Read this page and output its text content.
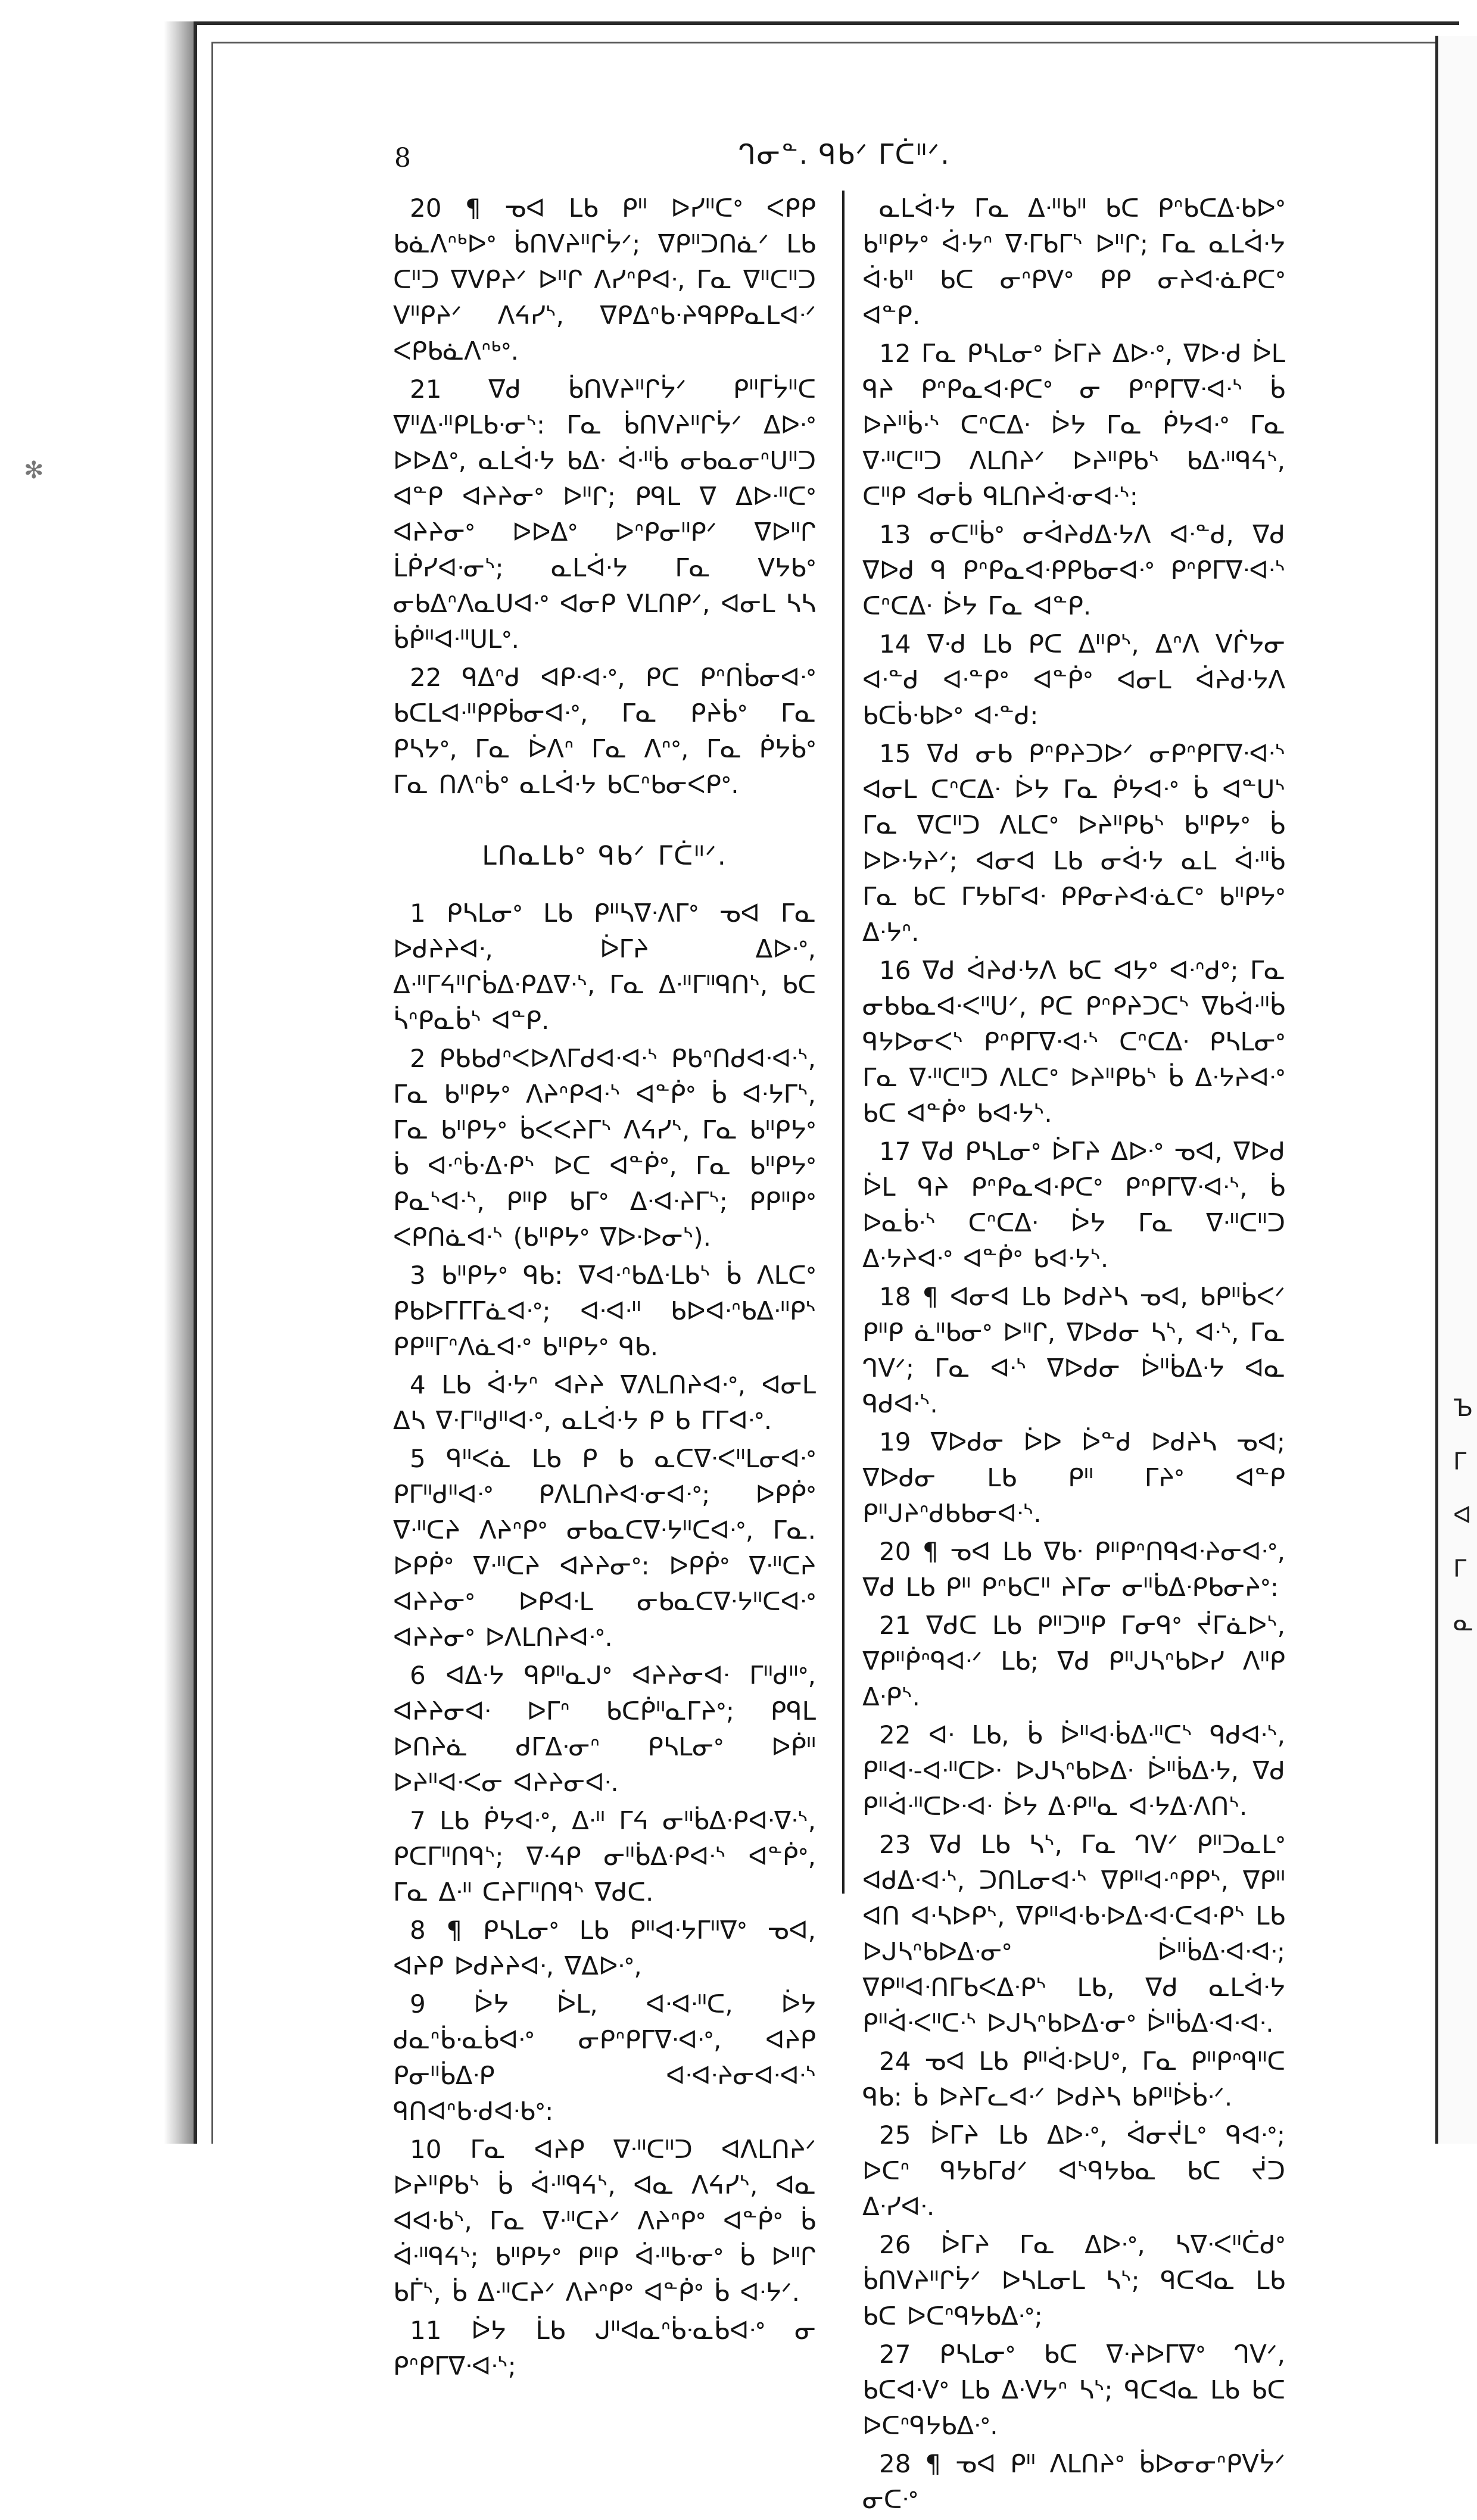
✻
8	ᒉᓂᓐ. ᑫᑲᐟ ᒥᑖᐦᐟ.

20 ¶ ᓀᐊ ᒪᑲ ᑭᐦ ᐅᓯᐦᑕᐤ ᐸᑭᑭ ᑲᓈᐱᐢᒃᐅᐤ ᑳᑎᐯᔨᐦᒋᔮᐟ; ᐁᑭᐦᑐᑎᓈᐟ ᒪᑲ ᑕᐦᑐ ᐁᐯᑭᔨᐟ ᐅᐦᒋ ᐱᓯᐢᑭᐊᐧ, ᒥᓇ ᐁᐦᑕᐦᑐ ᐯᐦᑭᔨᐟ ᐱᔦᓯᔅ, ᐁᑭᐃᐢᑲᐧᔨᑫᑭᑭᓇᒪᐊᐧᐟ ᐸᑭᑲᓈᐱᐢᒃᐤ.

21 ᐁᑯ ᑳᑎᐯᔨᐦᒋᔮᐟ ᑭᐦᒥᔮᐦᑕ ᐁᐦᐃᐧᐦᑭᒪᑲᐧᓂᔅ: ᒥᓇ ᑳᑎᐯᔨᐦᒋᔮᐟ ᐃᐅᐧᐤ ᐅᐅᐃᐤ, ᓇᒪᐋᐧᔭ ᑲᐃᐧ ᐋᐧᐦᑳ ᓂᑲᓇᓂᐢᑌᐦᑐ ᐊᓐᑭ ᐊᔨᔨᓂᐤ ᐅᐦᒋ; ᑭᑫᒪ ᐁ ᐃᐅᐧᐦᑕᐤ ᐊᔨᔨᓂᐤ ᐅᐅᐃᐤ ᐅᐢᑭᓂᐦᑭᐟ ᐁᐅᐦᒋ ᒫᑮᓯᐊᐧᓂᔅ; ᓇᒪᐋᐧᔭ ᒥᓇ ᐯᔭᑲᐤ ᓂᑲᐃᐢᐱᓇᑌᐊᐧᐤ ᐊᓂᑭ ᐯᒪᑎᑭᐟ, ᐊᓂᒪ ᓴᓴ ᑳᑮᐦᐊᐧᐦᑌᒪᐤ.

22 ᑫᐃᐢᑯ ᐊᑭᐧᐊᐧᐤ, ᑭᑕ ᑭᐢᑎᑳᓂᐊᐧᐤ ᑲᑕᒪᐊᐧᐦᑭᑭᑳᓂᐊᐧᐤ, ᒥᓇ ᑭᔨᑳᐤ ᒥᓇ ᑭᓴᔭᐤ, ᒥᓇ ᐆᐱᐢ ᒥᓇ ᐱᐢᐤ, ᒥᓇ ᑮᔭᑳᐤ ᒥᓇ ᑎᐱᐢᑳᐤ ᓇᒪᐋᐧᔭ ᑲᑕᐢᑲᓂᐸᑭᐤ.

ᒪᑎᓇᒪᑲᐤ ᑫᑲᐟ ᒥᑖᐦᐟ.

1 ᑭᓴᒪᓂᐤ ᒪᑲ ᑭᐦᓴᐁᐧᐱᒥᐤ ᓀᐊ ᒥᓇ ᐅᑯᔨᔨᐊᐧ, ᐆᒥᔨ ᐃᐅᐧᐤ, ᐃᐧᐦᒥᔦᐦᒋᑳᐃᐧᑭᐃᐁᐧᔅ, ᒥᓇ ᐃᐧᐦᒥᐦᑫᑎᔅ, ᑲᑕ ᓵᐢᑭᓇᑳᔅ ᐊᓐᑭ.

2 ᑭᑲᑲᑯᐢᐸᐅᐱᒥᑯᐊᐧᐊᐧᔅ ᑭᑲᐢᑎᑯᐊᐧᐊᐧᔅ, ᒥᓇ ᑲᐦᑭᔭᐤ ᐱᔨᐢᑭᐊᐧᔅ ᐊᓐᑮᐤ ᑳ ᐊᐧᔭᒥᔅ, ᒥᓇ ᑲᐦᑭᔭᐤ ᑳᐸᐸᔨᒥᔅ ᐱᔦᓯᔅ, ᒥᓇ ᑲᐦᑭᔭᐤ ᑳ ᐊᐧᐢᑳᐧᐃᐧᑭᔅ ᐅᑕ ᐊᓐᑮᐤ, ᒥᓇ ᑲᐦᑭᔭᐤ ᑭᓇᔅᐊᐧᔅ, ᑭᐦᑭ ᑲᒥᐤ ᐃᐧᐊᐧᔨᒥᔅ; ᑭᑭᐦᑭᐤ ᐸᑭᑎᓈᐊᐧᔅ (ᑲᐦᑭᔭᐤ ᐁᐅᐧᐅᓂᔅ).

3 ᑲᐦᑭᔭᐤ ᑫᑲ: ᐁᐊᐧᐢᑲᐃᐧᒪᑲᔅ ᑳ ᐱᒪᑕᐤ ᑭᑲᐅᒥᒥᒥᓈᐊᐧᐤ; ᐊᐧᐊᐧᐦ ᑲᐅᐊᐧᐢᑲᐃᐧᐦᑭᔅ ᑭᑭᐦᒥᐢᐱᓈᐊᐧᐤ ᑲᐦᑭᔭᐤ ᑫᑲ.

4 ᒪᑲ ᐋᐧᔭᐢ ᐊᔨᔨ ᐁᐱᒪᑎᔨᐊᐧᐤ, ᐊᓂᒪ ᐃᓴ ᐁᐧᒥᐦᑯᐦᐊᐧᐤ, ᓇᒪᐋᐧᔭ ᑭ ᑲ ᒥᒥᐊᐧᐤ.

5 ᑫᐦᐸᓈ ᒪᑲ ᑭ ᑲ ᓇᑕᐁᐧᐸᐦᒪᓂᐊᐧᐤ ᑭᒥᐦᑯᐦᐊᐧᐤ ᑭᐱᒪᑎᔨᐊᐧᓂᐊᐧᐤ; ᐅᑭᑮᐤ ᐁᐧᐦᑕᔨ ᐱᔨᐢᑭᐤ ᓂᑲᓇᑕᐁᐧᔭᐦᑕᐊᐧᐤ, ᒥᓇ. ᐅᑭᑮᐤ ᐁᐧᐦᑕᔨ ᐊᔨᔨᓂᐤ: ᐅᑭᑮᐤ ᐁᐧᐦᑕᔨ ᐊᔨᔨᓂᐤ ᐅᑭᐊᐧᒪ ᓂᑲᓇᑕᐁᐧᔭᐦᑕᐊᐧᐤ ᐊᔨᔨᓂᐤ ᐅᐱᒪᑎᔨᐊᐧᐤ.

6 ᐊᐃᐧᔭ ᑫᑭᐦᓇᒍᐤ ᐊᔨᔨᓂᐊᐧ ᒥᐦᑯᐦᐤ, ᐊᔨᔨᓂᐊᐧ ᐅᒥᐢ ᑲᑕᑮᐦᓇᒥᔨᐤ; ᑭᑫᒪ ᐅᑎᔨᓈ ᑯᒥᐃᐧᓂᐢ ᑭᓴᒪᓂᐤ ᐅᑮᐦ ᐅᔨᐦᐊᐧᐸᓂ ᐊᔨᔨᓂᐊᐧ.

7 ᒪᑲ ᑮᔭᐊᐧᐤ, ᐃᐧᐦ ᒥᔦ ᓂᐦᑳᐃᐧᑭᐊᐧᐁᐧᔅ, ᑭᑕᒥᐦᑎᑫᔅ; ᐁᐧᔦᑭ ᓂᐦᑳᐃᐧᑭᐊᐧᔅ ᐊᓐᑮᐤ, ᒥᓇ ᐃᐧᐦ ᑕᔨᒥᐦᑎᑫᔅ ᐁᑯᑕ.

8 ¶ ᑭᓴᒪᓂᐤ ᒪᑲ ᑭᐦᐊᐧᔭᒥᐦᐁᐤ ᓀᐊ, ᐊᔨᑭ ᐅᑯᔨᔨᐊᐧ, ᐁᐃᐅᐧᐤ,

9 ᐆᔭ ᐆᒪ, ᐊᐧᐊᐧᐦᑕ, ᐆᔭ ᑯᓇᐢᑳᐧᓇᑳᐊᐧᐤ ᓂᑭᐢᑭᒥᐁᐧᐊᐧᐤ, ᐊᔨᑭ ᑭᓂᐦᑳᐃᐧᑭ ᐊᐧᐊᐧᔨᓂᐊᐧᐊᐧᔅ ᑫᑎᐊᐢᑲᐧᑯᐊᐧᑲᐤ:

10 ᒥᓇ ᐊᔨᑭ ᐁᐧᐦᑕᐦᑐ ᐊᐱᒪᑎᔨᐟ ᐅᔨᐦᑭᑲᔅ ᑳ ᐋᐧᐦᑫᔦᔅ, ᐊᓇ ᐱᔦᓯᔅ, ᐊᓇ ᐊᐊᐧᑲᔅ, ᒥᓇ ᐁᐧᐦᑕᔨᐟ ᐱᔨᐢᑭᐤ ᐊᓐᑮᐤ ᑳ ᐋᐧᐦᑫᔦᔅ; ᑲᐦᑭᔭᐤ ᑭᐦᑭ ᐋᐧᐦᑲᐧᓂᐤ ᑳ ᐅᐦᒋ ᑲᒦᔅ, ᑳ ᐃᐧᐦᑕᔨᐟ ᐱᔨᐢᑭᐤ ᐊᓐᑮᐤ ᑳ ᐊᐧᔭᐟ.

11 ᐆᔭ ᒫᑲ ᒍᐦᐊᓇᐢᑳᐧᓇᑳᐊᐧᐤ ᓂ ᑭᐢᑭᒥᐁᐧᐊᐧᔅ;

ᓇᒪᐋᐧᔭ ᒥᓇ ᐃᐧᐦᑲᐦ ᑲᑕ ᑭᐢᑲᑕᐃᐧᑲᐅᐤ ᑲᐦᑭᔭᐤ ᐋᐧᔭᐢ ᐁᐧᒥᑲᒥᔅ ᐅᐦᒋ; ᒥᓇ ᓇᒪᐋᐧᔭ ᐋᐧᑲᐦ ᑲᑕ ᓂᐢᑭᐯᐤ ᑭᑭ ᓂᔨᐊᐧᓈᑭᑕᐤ ᐊᓐᑭ.

12 ᒥᓇ ᑭᓴᒪᓂᐤ ᐆᒥᔨ ᐃᐅᐧᐤ, ᐁᐅᐧᑯ ᐆᒪ ᑫᔨ ᑭᐢᑭᓇᐊᐧᑭᑕᐤ ᓂ ᑭᐢᑭᒥᐁᐧᐊᐧᔅ ᑳ ᐅᔨᐦᑳᐧᔅ ᑕᐢᑕᐃᐧ ᐆᔭ ᒥᓇ ᑮᔭᐊᐧᐤ ᒥᓇ ᐁᐧᐦᑕᐦᑐ ᐱᒪᑎᔨᐟ ᐅᔨᐦᑭᑲᔅ ᑲᐃᐧᐦᑫᔦᔅ, ᑕᐦᑭ ᐊᓂᑳ ᑫᒪᑎᔨᐋᐧᓂᐊᐧᔅ:

13 ᓂᑕᐦᑳᐤ ᓂᐋᔨᑯᐃᐧᔭᐱ ᐊᐧᓐᑯ, ᐁᑯ ᐁᐅᑯ ᑫ ᑭᐢᑭᓇᐊᐧᑭᑭᑲᓂᐊᐧᐤ ᑭᐢᑭᒥᐁᐧᐊᐧᔅ ᑕᐢᑕᐃᐧ ᐆᔭ ᒥᓇ ᐊᓐᑭ.

14 ᐁᐧᑯ ᒪᑲ ᑭᑕ ᐃᐦᑭᔅ, ᐃᐢᐱ ᐯᒌᔭᓂ ᐊᐧᓐᑯ ᐊᐧᓐᑭᐤ ᐊᓐᑮᐤ ᐊᓂᒪ ᐋᔨᑯᐧᔭᐱ ᑲᑕᑳᐧᑲᐅᐤ ᐊᐧᓐᑯ:

15 ᐁᑯ ᓂᑲ ᑭᐢᑭᔨᑐᐅᐟ ᓂᑭᐢᑭᒥᐁᐧᐊᐧᔅ ᐊᓂᒪ ᑕᐢᑕᐃᐧ ᐆᔭ ᒥᓇ ᑮᔭᐊᐧᐤ ᑳ ᐊᓐᑌᔅ ᒥᓇ ᐁᑕᐦᑐ ᐱᒪᑕᐤ ᐅᔨᐦᑭᑲᔅ ᑲᐦᑭᔭᐤ ᑳ ᐅᐅᐧᔭᔨᐟ; ᐊᓂᐊ ᒪᑲ ᓂᐋᐧᔭ ᓇᒪ ᐋᐧᐦᑳ ᒥᓇ ᑲᑕ ᒥᔭᑲᒥᐊᐧ ᑭᑭᓂᔨᐊᐧᓈᑕᐤ ᑲᐦᑭᔭᐤ ᐃᐧᔭᐢ.

16 ᐁᑯ ᐋᔨᑯᐧᔭᐱ ᑲᑕ ᐊᔭᐤ ᐊᐧᐢᑯᐤ; ᒥᓇ ᓂᑲᑲᓇᐊᐧᐸᐦᑌᐟ, ᑭᑕ ᑭᐢᑭᔨᑐᑕᔅ ᐁᑲᐋᐧᐦᑳ ᑫᔭᐅᓂᐸᔅ ᑭᐢᑭᒥᐁᐧᐊᐧᔅ ᑕᐢᑕᐃᐧ ᑭᓴᒪᓂᐤ ᒥᓇ ᐁᐧᐦᑕᐦᑐ ᐱᒪᑕᐤ ᐅᔨᐦᑭᑲᔅ ᑳ ᐃᐧᔭᔨᐊᐧᐤ ᑲᑕ ᐊᓐᑮᐤ ᑲᐊᐧᔭᔅ.

17 ᐁᑯ ᑭᓴᒪᓂᐤ ᐆᒥᔨ ᐃᐅᐧᐤ ᓀᐊ, ᐁᐅᑯ ᐆᒪ ᑫᔨ ᑭᐢᑭᓇᐊᐧᑭᑕᐤ ᑭᐢᑭᒥᐁᐧᐊᐧᔅ, ᑳ ᐅᓇᑳᐧᔅ ᑕᐢᑕᐃᐧ ᐆᔭ ᒥᓇ ᐁᐧᐦᑕᐦᑐ ᐃᐧᔭᔨᐊᐧᐤ ᐊᓐᑮᐤ ᑲᐊᐧᔭᔅ.

18 ¶ ᐊᓂᐊ ᒪᑲ ᐅᑯᔨᓴ ᓀᐊ, ᑲᑭᐦᑳᐸᐟ ᑭᐦᑭ ᓈᐦᑲᓂᐤ ᐅᐦᒋ, ᐁᐅᑯᓂ ᓴᔅ, ᐊᐧᔅ, ᒥᓇ ᒉᐯᐟ; ᒥᓇ ᐊᐧᔅ ᐁᐅᑯᓂ ᐆᐦᑳᐃᐧᔭ ᐊᓇ ᑫᑯᐊᐧᔅ.

19 ᐁᐅᑯᓂ ᐆᐅ ᐆᓐᑯ ᐅᑯᔨᓴ ᓀᐊ; ᐁᐅᑯᓂ ᒪᑲ ᑭᐦ ᒥᔨᐤ ᐊᓐᑭ ᑭᐦᒍᔨᐢᑯᑲᑲᓂᐊᐧᔅ.

20 ¶ ᓀᐊ ᒪᑲ ᐁᑲᐧ ᑭᐦᑭᐢᑎᑫᐊᐧᔨᓂᐊᐧᐤ, ᐁᑯ ᒪᑲ ᑭᐦ ᑭᐢᑲᑕᐦ ᔨᒥᓂ ᓂᐦᑳᐃᐧᑭᑲᓂᔨᐤ:

21 ᐁᑯᑕ ᒪᑲ ᑭᐦᑐᐦᑭ ᒥᓂᑫᐤ ᔫᒥᓈᐅᔅ, ᐁᑭᐦᑮᐢᑫᐊᐧᐟ ᒪᑲ; ᐁᑯ ᑭᐦᒍᓴᐢᑲᐅᓯ ᐱᐦᑭ ᐃᐧᑭᔅ.

22 ᐊᐧ ᒪᑲ, ᑳ ᐆᐦᐊᐧᑳᐃᐧᐦᑕᔅ ᑫᑯᐊᐧᔅ, ᑭᐦᐊᐧ-ᐊᐧᐦᑕᐅᐧ ᐅᒍᓴᐢᑲᐅᐃᐧ ᐆᐦᑳᐃᐧᔭ, ᐁᑯ ᑭᐦᐋᐧᐦᑕᐅᐧᐊᐧ ᐆᔭ ᐃᐧᑭᐦᓇ ᐊᐧᔭᐃᐧᐱᑎᔅ.

23 ᐁᑯ ᒪᑲ ᓴᔅ, ᒥᓇ ᒉᐯᐟ ᑭᐦᑐᓇᒪᐤ ᐊᑯᐃᐧᐊᐧᔅ, ᑐᑎᒪᓂᐊᐧᔅ ᐁᑭᐦᐊᐧᐢᑭᑭᔅ, ᐁᑭᐦ ᐊᑎ ᐊᐧᓴᐅᑭᔅ, ᐁᑭᐦᐊᐧᑲᐧᐅᐃᐧᐊᐧᑕᐊᐧᑭᔅ ᒪᑲ ᐅᒍᓴᐢᑲᐅᐃᐧᓂᐤ ᐆᐦᑳᐃᐧᐊᐧᐊᐧ; ᐁᑭᐦᐊᐧᑎᒥᑲᐸᐃᐧᑭᔅ ᒪᑲ, ᐁᑯ ᓇᒪᐋᐧᔭ ᑭᐦᐋᐧᐸᐦᑕᐧᔅ ᐅᒍᓴᐢᑲᐅᐃᐧᓂᐤ ᐆᐦᑳᐃᐧᐊᐧᐊᐧ.

24 ᓀᐊ ᒪᑲ ᑭᐦᐋᐧᐅᑌᐤ, ᒥᓇ ᑭᐦᑭᐢᑫᐦᑕ ᑫᑲ: ᑳ ᐅᔨᒥᓚᐊᐧᐟ ᐅᑯᔨᓴ ᑲᑭᐦᐆᑳᐧᐟ.

25 ᐆᒥᔨ ᒪᑲ ᐃᐅᐧᐤ, ᐋᓂᔫᒪᐤ ᑫᐊᐧᐤ; ᐅᑕᐢ ᑫᔭᑲᒥᑯᐟ ᐊᔅᑫᔭᑲᓇ ᑲᑕ ᔫᑐ ᐃᐧᓯᐊᐧ.

26 ᐆᒥᔨ ᒥᓇ ᐃᐅᐧᐤ, ᓴᐁᐧᐸᐦᑖᑯᐤ ᑳᑎᐯᔨᐦᒋᔮᐟ ᐅᓴᒪᓂᒪ ᓴᔅ; ᑫᑕᐊᓇ ᒪᑲ ᑲᑕ ᐅᑕᐢᑫᔭᑲᐃᐧᐤ;

27 ᑭᓴᒪᓂᐤ ᑲᑕ ᐁᐧᔨᐅᒥᐁᐤ ᒉᐯᐟ, ᑲᑕᐊᐧᐯᐤ ᒪᑲ ᐃᐧᐯᔭᐢ ᓴᔅ; ᑫᑕᐊᓇ ᒪᑲ ᑲᑕ ᐅᑕᐢᑫᔭᑲᐃᐧᐤ.

28 ¶ ᓀᐊ ᑭᐦ ᐱᒪᑎᔨᐤ ᑳᐅᓂᓂᐢᑭᐯᔮᐟ ᓂᑕᐧᐤ

Ъ
ᒥ
ᐊ
ᒥ
ᓇ
